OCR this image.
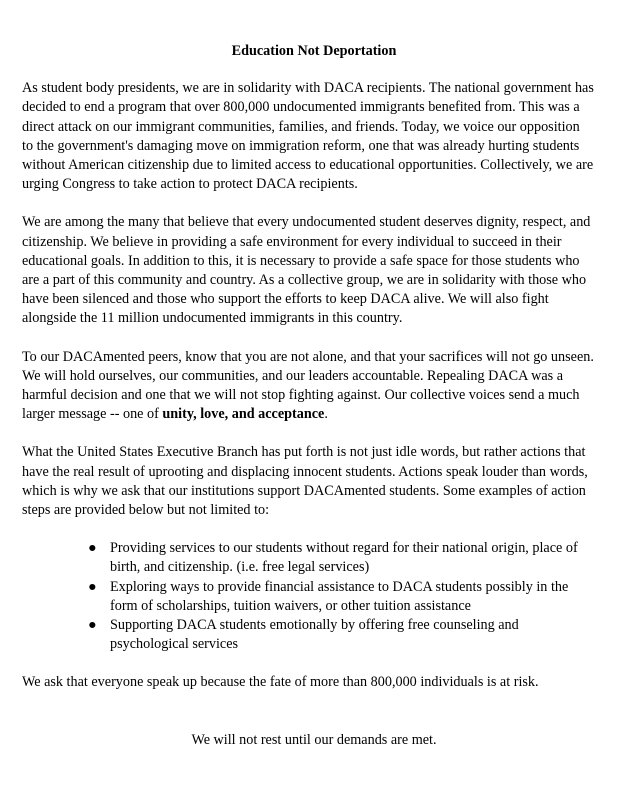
Education Not Deportation

As student body presidents, we are in solidarity with DACA recipients. The national government has decided to end a program that over 800,000 undocumented immigrants benefited from. This was a direct attack on our immigrant communities, families, and friends. Today, we voice our opposition to the government's damaging move on immigration reform, one that was already hurting students without American citizenship due to limited access to educational opportunities. Collectively, we are urging Congress to take action to protect DACA recipients.

We are among the many that believe that every undocumented student deserves dignity, respect, and citizenship. We believe in providing a safe environment for every individual to succeed in their educational goals. In addition to this, it is necessary to provide a safe space for those students who are a part of this community and country. As a collective group, we are in solidarity with those who have been silenced and those who support the efforts to keep DACA alive. We will also fight alongside the 11 million undocumented immigrants in this country.

To our DACAmented peers, know that you are not alone, and that your sacrifices will not go unseen. We will hold ourselves, our communities, and our leaders accountable. Repealing DACA was a harmful decision and one that we will not stop fighting against. Our collective voices send a much larger message -- one of unity, love, and acceptance.

What the United States Executive Branch has put forth is not just idle words, but rather actions that have the real result of uprooting and displacing innocent students. Actions speak louder than words, which is why we ask that our institutions support DACAmented students. Some examples of action steps are provided below but not limited to:

● Providing services to our students without regard for their national origin, place of birth, and citizenship. (i.e. free legal services)
● Exploring ways to provide financial assistance to DACA students possibly in the form of scholarships, tuition waivers, or other tuition assistance
● Supporting DACA students emotionally by offering free counseling and psychological services

We ask that everyone speak up because the fate of more than 800,000 individuals is at risk.

We will not rest until our demands are met.
